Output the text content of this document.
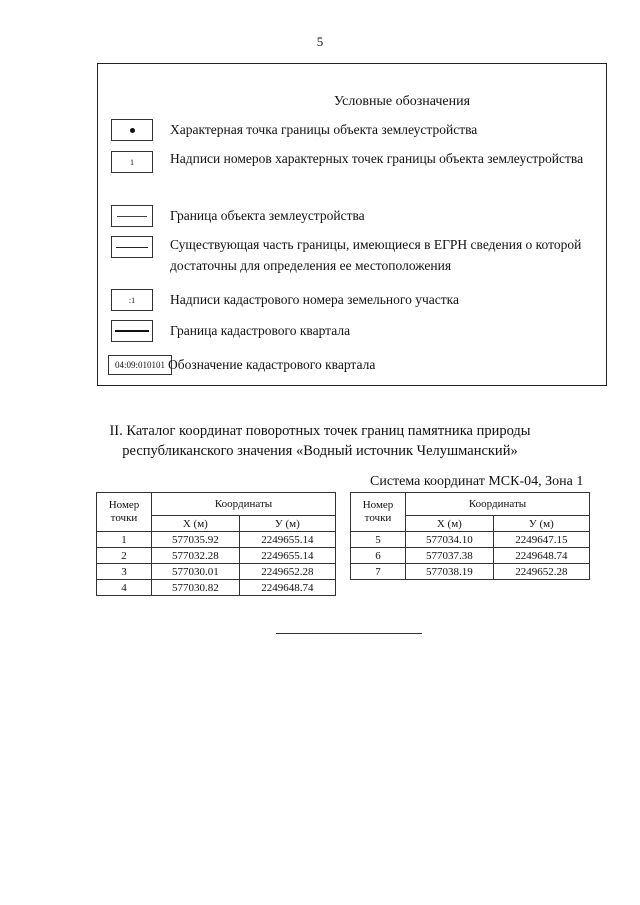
5
Условные обозначения
Характерная точка границы объекта землеустройства
1	Надписи номеров характерных точек границы объекта землеустройства
Граница объекта землеустройства
Существующая часть границы, имеющиеся в ЕГРН сведения о которой достаточны для определения ее местоположения
:1	Надписи кадастрового номера земельного участка
Граница кадастрового квартала
04:09:010101 Обозначение кадастрового квартала
II. Каталог координат поворотных точек границ памятника природы
республиканского значения «Водный источник Челушманский»
Система координат МСК-04, Зона 1
Номер точки	Координаты	
	X (м)	У (м)
1	577035.92	2249655.14
2	577032.28	2249655.14
3	577030.01	2249652.28
4	577030.82	2249648.74
Номер точки	Координаты	
	X (м)	У (м)
5	577034.10	2249647.15
6	577037.38	2249648.74
7	577038.19	2249652.28
